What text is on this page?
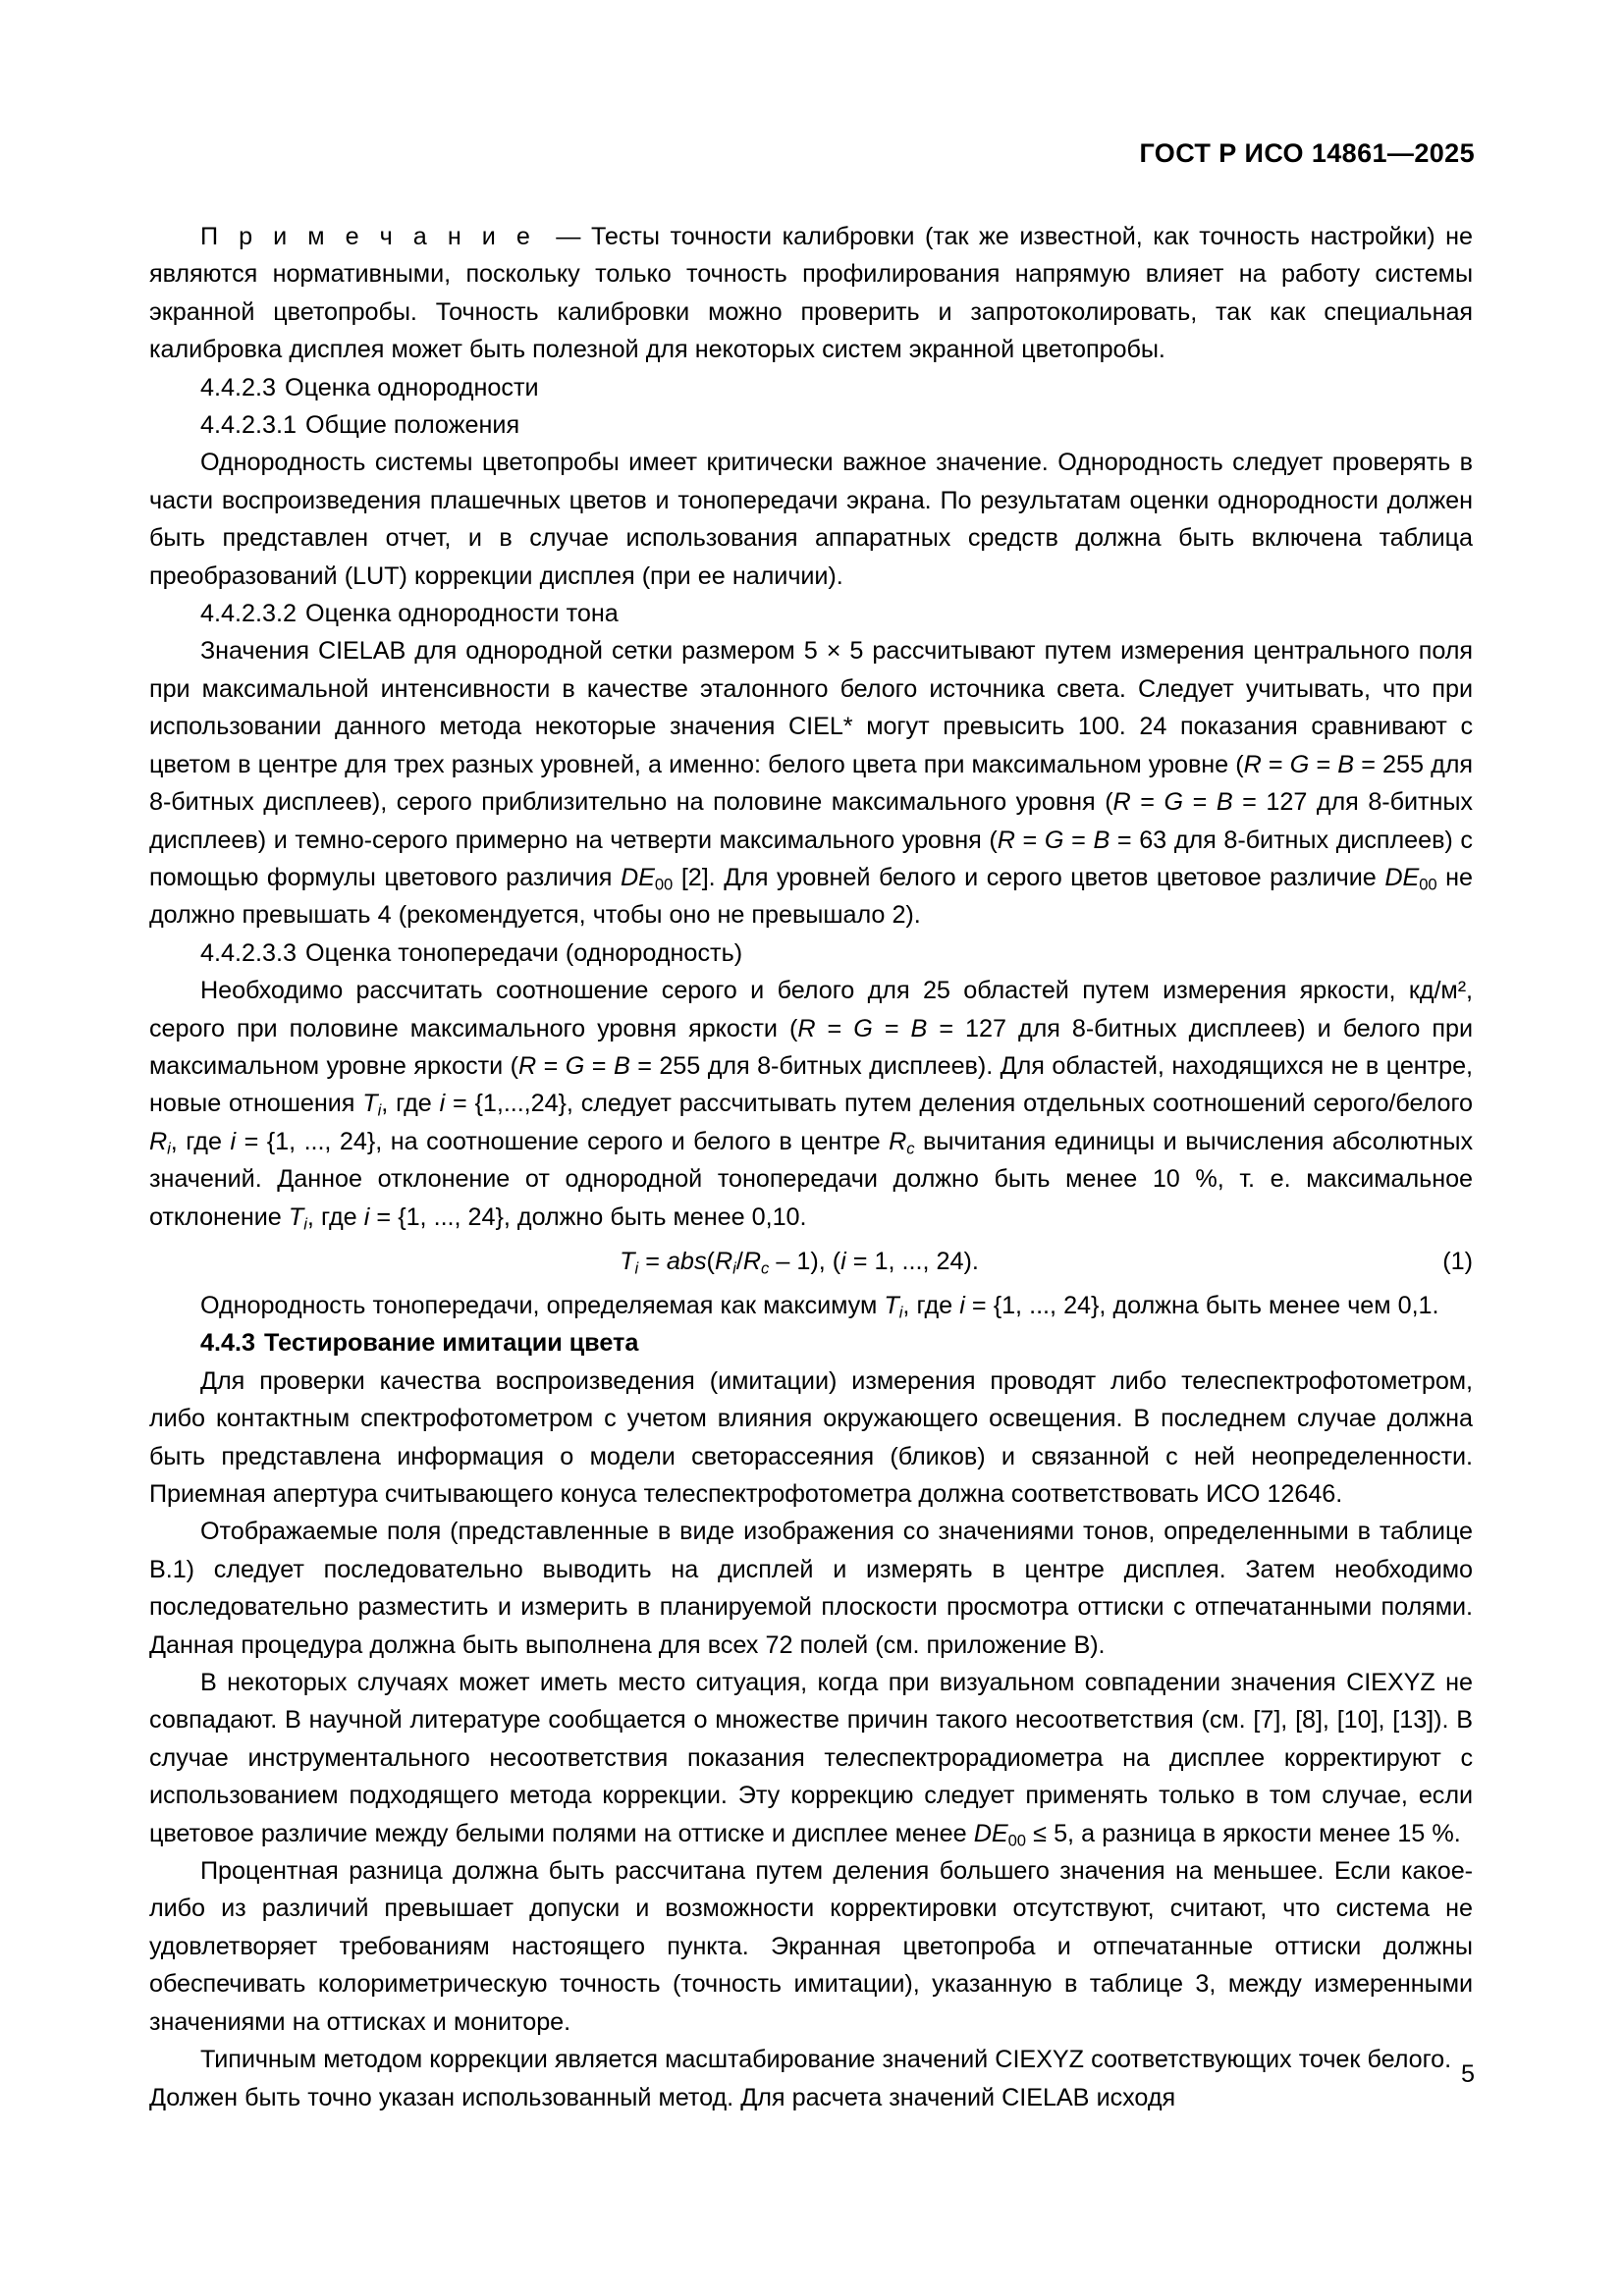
ГОСТ Р ИСО 14861—2025

П р и м е ч а н и е — Тесты точности калибровки (так же известной, как точность настройки) не являются нормативными, поскольку только точность профилирования напрямую влияет на работу системы экранной цветопробы. Точность калибровки можно проверить и запротоколировать, так как специальная калибровка дисплея может быть полезной для некоторых систем экранной цветопробы.

4.4.2.3 Оценка однородности
4.4.2.3.1 Общие положения

Однородность системы цветопробы имеет критически важное значение. Однородность следует проверять в части воспроизведения плашечных цветов и тонопередачи экрана. По результатам оценки однородности должен быть представлен отчет, и в случае использования аппаратных средств должна быть включена таблица преобразований (LUT) коррекции дисплея (при ее наличии).

4.4.2.3.2 Оценка однородности тона

Значения CIELAB для однородной сетки размером 5 × 5 рассчитывают путем измерения центрального поля при максимальной интенсивности в качестве эталонного белого источника света. Следует учитывать, что при использовании данного метода некоторые значения CIEL* могут превысить 100. 24 показания сравнивают с цветом в центре для трех разных уровней, а именно: белого цвета при максимальном уровне (R = G = B = 255 для 8-битных дисплеев), серого приблизительно на половине максимального уровня (R = G = B = 127 для 8-битных дисплеев) и темно-серого примерно на четверти максимального уровня (R = G = B = 63 для 8-битных дисплеев) с помощью формулы цветового различия $DE_{00}$ [2]. Для уровней белого и серого цветов цветовое различие $DE_{00}$ не должно превышать 4 (рекомендуется, чтобы оно не превышало 2).

4.4.2.3.3 Оценка тонопередачи (однородность)

Необходимо рассчитать соотношение серого и белого для 25 областей путем измерения яркости, кд/м², серого при половине максимального уровня яркости (R = G = B = 127 для 8-битных дисплеев) и белого при максимальном уровне яркости (R = G = B = 255 для 8-битных дисплеев). Для областей, находящихся не в центре, новые отношения $T_i$, где i = {1,...,24}, следует рассчитывать путем деления отдельных соотношений серого/белого $R_i$, где i = {1, ..., 24}, на соотношение серого и белого в центре $R_c$ вычитания единицы и вычисления абсолютных значений. Данное отклонение от однородной тонопередачи должно быть менее 10 %, т. е. максимальное отклонение $T_i$, где i = {1, ..., 24}, должно быть менее 0,10.

$T_i = abs(R_i/R_c - 1)$, (i = 1, ..., 24).	(1)

Однородность тонопередачи, определяемая как максимум $T_i$, где i = {1, ..., 24}, должна быть менее чем 0,1.

4.4.3 Тестирование имитации цвета

Для проверки качества воспроизведения (имитации) измерения проводят либо телеспектрофотометром, либо контактным спектрофотометром с учетом влияния окружающего освещения. В последнем случае должна быть представлена информация о модели светорассеяния (бликов) и связанной с ней неопределенности. Приемная апертура считывающего конуса телеспектрофотометра должна соответствовать ИСО 12646.

Отображаемые поля (представленные в виде изображения со значениями тонов, определенными в таблице В.1) следует последовательно выводить на дисплей и измерять в центре дисплея. Затем необходимо последовательно разместить и измерить в планируемой плоскости просмотра оттиски с отпечатанными полями. Данная процедура должна быть выполнена для всех 72 полей (см. приложение В).

В некоторых случаях может иметь место ситуация, когда при визуальном совпадении значения CIEXYZ не совпадают. В научной литературе сообщается о множестве причин такого несоответствия (см. [7], [8], [10], [13]). В случае инструментального несоответствия показания телеспектрорадиометра на дисплее корректируют с использованием подходящего метода коррекции. Эту коррекцию следует применять только в том случае, если цветовое различие между белыми полями на оттиске и дисплее менее $DE_{00} \le 5$, а разница в яркости менее 15 %.

Процентная разница должна быть рассчитана путем деления большего значения на меньшее. Если какое-либо из различий превышает допуски и возможности корректировки отсутствуют, считают, что система не удовлетворяет требованиям настоящего пункта. Экранная цветопроба и отпечатанные оттиски должны обеспечивать колориметрическую точность (точность имитации), указанную в таблице 3, между измеренными значениями на оттисках и мониторе.

Типичным методом коррекции является масштабирование значений CIEXYZ соответствующих точек белого. Должен быть точно указан использованный метод. Для расчета значений CIELAB исходя

5
